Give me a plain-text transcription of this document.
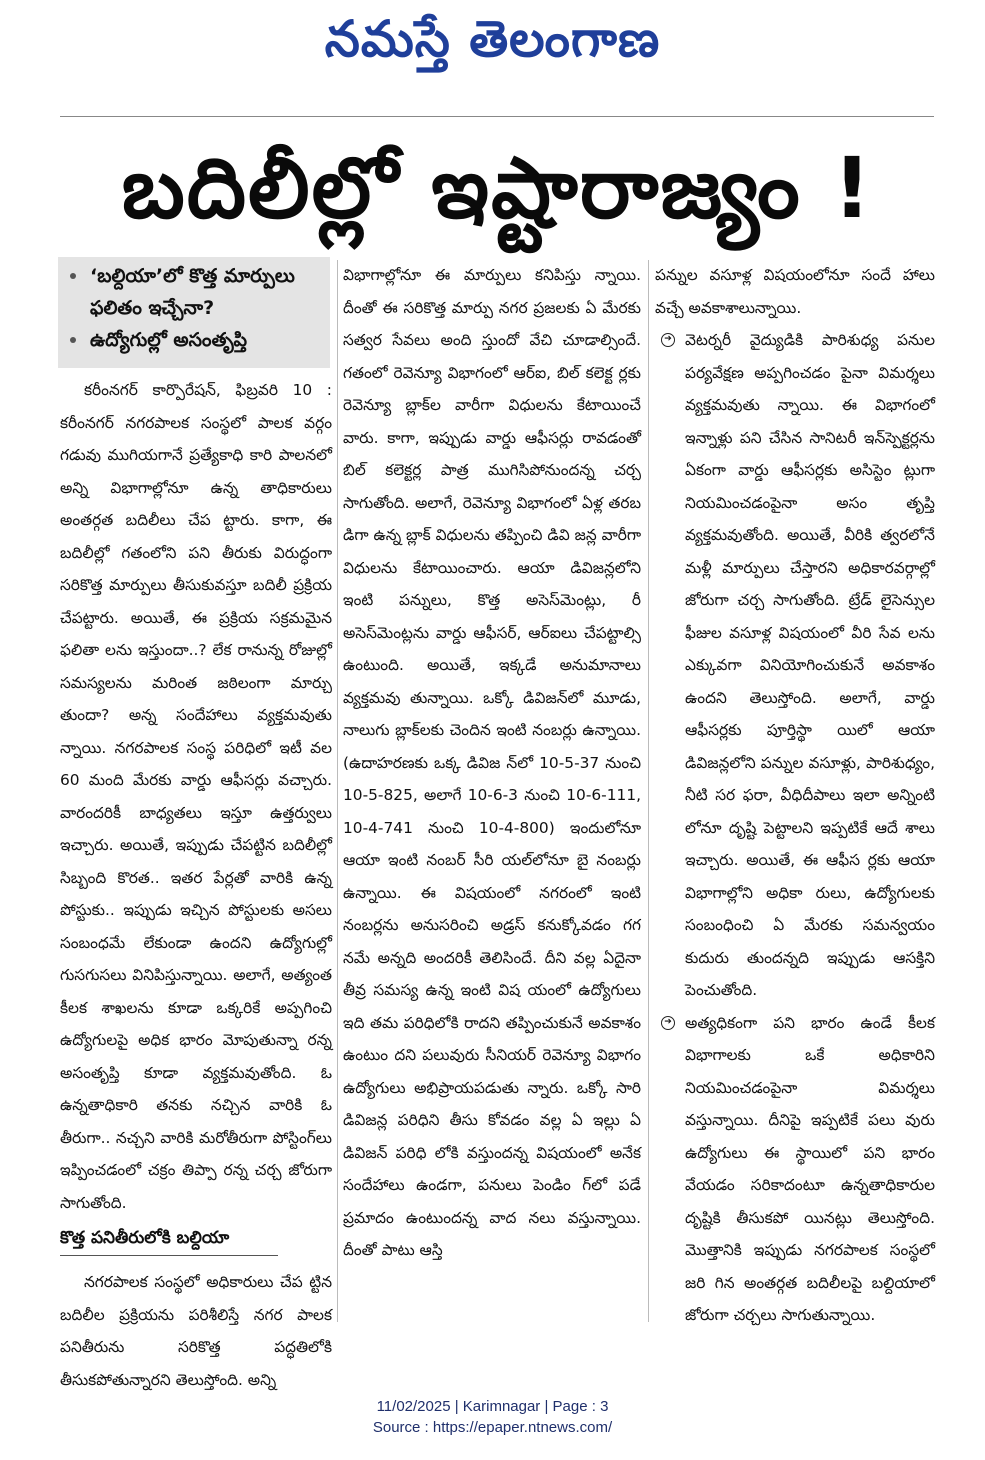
నమస్తే తెలంగాణ
బదిలీల్లో ఇష్టారాజ్యం !
‘బల్దియా’లో కొత్త మార్పులు ఫలితం ఇచ్చేనా?
ఉద్యోగుల్లో అసంతృప్తి

కరీంనగర్ కార్పొరేషన్, ఫిబ్రవరి 10 : కరీంనగర్ నగరపాలక సంస్థలో పాలక వర్గం గడువు ముగియగానే ప్రత్యేకాధి కారి పాలనలో అన్ని విభాగాల్లోనూ ఉన్న తాధికారులు అంతర్గత బదిలీలు చేప ట్టారు. కాగా, ఈ బదిలీల్లో గతంలోని పని తీరుకు విరుద్ధంగా సరికొత్త మార్పులు తీసుకువస్తూ బదిలీ ప్రక్రియ చేపట్టారు. అయితే, ఈ ప్రక్రియ సక్రమమైన ఫలితా లను ఇస్తుందా..? లేక రానున్న రోజుల్లో సమస్యలను మరింత జఠిలంగా మార్చు తుందా? అన్న సందేహాలు వ్యక్తమవుతు న్నాయి. నగరపాలక సంస్థ పరిధిలో ఇటీ వల 60 మంది మేరకు వార్డు ఆఫీసర్లు వచ్చారు. వారందరికీ బాధ్యతలు ఇస్తూ ఉత్తర్వులు ఇచ్చారు. అయితే, ఇప్పుడు చేపట్టిన బదిలీల్లో సిబ్బంది కొరత.. ఇతర పేర్లతో వారికి ఉన్న పోస్టుకు.. ఇప్పుడు ఇచ్చిన పోస్టులకు అసలు సంబంధమే లేకుండా ఉందని ఉద్యోగుల్లో గుసగుసలు వినిపిస్తున్నాయి. అలాగే, అత్యంత కీలక శాఖలను కూడా ఒక్కరికే అప్పగించి ఉద్యోగులపై అధిక భారం మోపుతున్నా రన్న అసంతృప్తి కూడా వ్యక్తమవుతోంది. ఓ ఉన్నతాధికారి తనకు నచ్చిన వారికి ఓ తీరుగా.. నచ్చని వారికి మరోతీరుగా పోస్టింగ్‌లు ఇప్పించడంలో చక్రం తిప్పా రన్న చర్చ జోరుగా సాగుతోంది.

కొత్త పనితీరులోకి బల్దియా

నగరపాలక సంస్థలో అధికారులు చేప ట్టిన బదిలీల ప్రక్రియను పరిశీలిస్తే నగర పాలక పనితీరును సరికొత్త పద్ధతిలోకి తీసుకపోతున్నారని తెలుస్తోంది. అన్ని

విభాగాల్లోనూ ఈ మార్పులు కనిపిస్తు న్నాయి. దీంతో ఈ సరికొత్త మార్పు నగర ప్రజలకు ఏ మేరకు సత్వర సేవలు అంది స్తుందో వేచి చూడాల్సిందే. గతంలో రెవెన్యూ విభాగంలో ఆర్ఐ, బిల్ కలెక్ట ర్లకు రెవెన్యూ బ్లాక్‌ల వారీగా విధులను కేటాయించే వారు. కాగా, ఇప్పుడు వార్డు ఆఫీసర్లు రావడంతో బిల్ కలెక్టర్ల పాత్ర ముగిసిపోనుందన్న చర్చ సాగుతోంది. అలాగే, రెవెన్యూ విభాగంలో ఏళ్ల తరబ డిగా ఉన్న బ్లాక్ విధులను తప్పించి డివి జన్ల వారీగా విధులను కేటాయించారు. ఆయా డివిజన్లలోని ఇంటి పన్నులు, కొత్త అసెస్‌మెంట్లు, రీ అసెస్‌మెంట్లను వార్డు ఆఫీసర్, ఆర్ఐలు చేపట్టాల్సి ఉంటుంది. అయితే, ఇక్కడే అనుమానాలు వ్యక్తమవు తున్నాయి. ఒక్కో డివిజన్‌లో మూడు, నాలుగు బ్లాక్‌లకు చెందిన ఇంటి నంబర్లు ఉన్నాయి. (ఉదాహరణకు ఒక్క డివిజ న్‌లో 10-5-37 నుంచి 10-5-825, అలాగే 10-6-3 నుంచి 10-6-111, 10-4-741 నుంచి 10-4-800) ఇందులోనూ ఆయా ఇంటి నంబర్ సీరి యల్‌లోనూ బై నంబర్లు ఉన్నాయి. ఈ విషయంలో నగరంలో ఇంటి నంబర్లను అనుసరించి అడ్రస్ కనుక్కోవడం గగ నమే అన్నది అందరికీ తెలిసిందే. దీని వల్ల ఏదైనా తీవ్ర సమస్య ఉన్న ఇంటి విష యంలో ఉద్యోగులు ఇది తమ పరిధిలోకి రాదని తప్పించుకునే అవకాశం ఉంటుం దని పలువురు సీనియర్ రెవెన్యూ విభాగం ఉద్యోగులు అభిప్రాయపడుతు న్నారు. ఒక్కో సారి డివిజన్ల పరిధిని తీసు కోవడం వల్ల ఏ ఇల్లు ఏ డివిజన్ పరిధి లోకి వస్తుందన్న విషయంలో అనేక సందేహాలు ఉండగా, పనులు పెండిం గ్‌లో పడే ప్రమాదం ఉంటుందన్న వాద నలు వస్తున్నాయి. దీంతో పాటు ఆస్తి

పన్నుల వసూళ్ల విషయంలోనూ సందే హాలు వచ్చే అవకాశాలున్నాయి.

➔ వెటర్నరీ వైద్యుడికి పారిశుధ్య పనుల పర్యవేక్షణ అప్పగించడం పైనా విమర్శలు వ్యక్తమవుతు న్నాయి. ఈ విభాగంలో ఇన్నాళ్లు పని చేసిన సానిటరీ ఇన్‌స్పెక్టర్లను ఏకంగా వార్డు ఆఫీసర్లకు అసిస్టెం ట్లుగా నియమించడంపైనా అసం తృప్తి వ్యక్తమవుతోంది. అయితే, వీరికి త్వరలోనే మళ్లీ మార్పులు చేస్తారని అధికారవర్గాల్లో జోరుగా చర్చ సాగుతోంది. ట్రేడ్ లైసెన్సుల ఫీజుల వసూళ్ల విషయంలో వీరి సేవ లను ఎక్కువగా వినియోగించుకునే అవకాశం ఉందని తెలుస్తోంది. అలాగే, వార్డు ఆఫీసర్లకు పూర్తిస్థా యిలో ఆయా డివిజన్లలోని పన్నుల వసూళ్లు, పారిశుధ్యం, నీటి సర ఫరా, వీధిదీపాలు ఇలా అన్నింటి లోనూ దృష్టి పెట్టాలని ఇప్పటికే ఆదే శాలు ఇచ్చారు. అయితే, ఈ ఆఫీస ర్లకు ఆయా విభాగాల్లోని అధికా రులు, ఉద్యోగులకు సంబంధించి ఏ మేరకు సమన్వయం కుదురు తుందన్నది ఇప్పుడు ఆసక్తిని పెంచుతోంది.

➔ అత్యధికంగా పని భారం ఉండే కీలక విభాగాలకు ఒకే అధికారిని నియమించడంపైనా విమర్శలు వస్తున్నాయి. దీనిపై ఇప్పటికే పలు వురు ఉద్యోగులు ఈ స్థాయిలో పని భారం వేయడం సరికాదంటూ ఉన్నతాధికారుల దృష్టికి తీసుకపో యినట్లు తెలుస్తోంది. మొత్తానికి ఇప్పుడు నగరపాలక సంస్థలో జరి గిన అంతర్గత బదిలీలపై బల్దియాలో జోరుగా చర్చలు సాగుతున్నాయి.

11/02/2025 | Karimnagar | Page : 3
Source : https://epaper.ntnews.com/
